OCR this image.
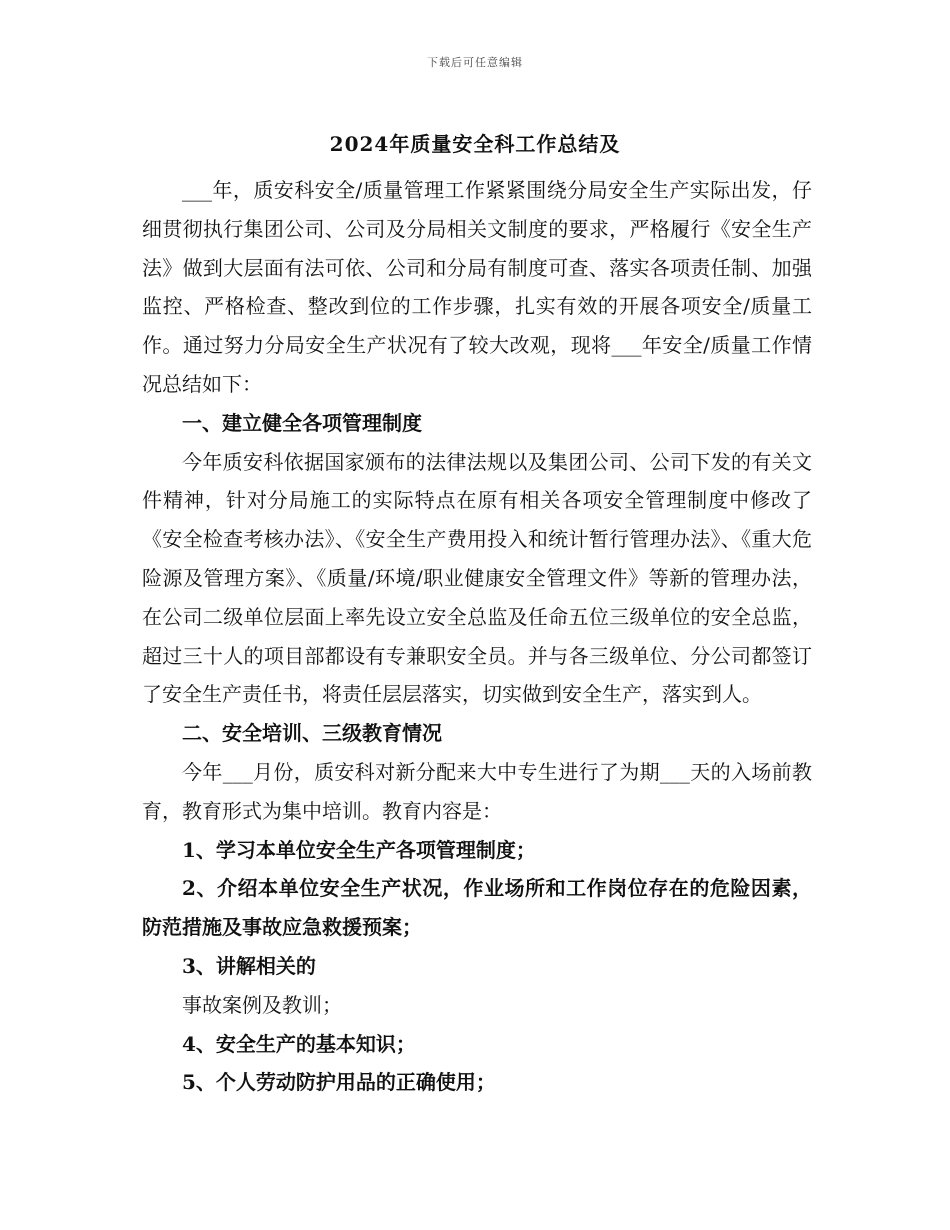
下载后可任意编辑
2024年质量安全科工作总结及

___年，质安科安全/质量管理工作紧紧围绕分局安全生产实际出发，仔细贯彻执行集团公司、公司及分局相关文制度的要求，严格履行《安全生产法》做到大层面有法可依、公司和分局有制度可查、落实各项责任制、加强监控、严格检查、整改到位的工作步骤，扎实有效的开展各项安全/质量工作。通过努力分局安全生产状况有了较大改观，现将___年安全/质量工作情况总结如下：

一、建立健全各项管理制度

今年质安科依据国家颁布的法律法规以及集团公司、公司下发的有关文件精神，针对分局施工的实际特点在原有相关各项安全管理制度中修改了《安全检查考核办法》、《安全生产费用投入和统计暂行管理办法》、《重大危险源及管理方案》、《质量/环境/职业健康安全管理文件》等新的管理办法，在公司二级单位层面上率先设立安全总监及任命五位三级单位的安全总监，超过三十人的项目部都设有专兼职安全员。并与各三级单位、分公司都签订了安全生产责任书，将责任层层落实，切实做到安全生产，落实到人。

二、安全培训、三级教育情况

今年___月份，质安科对新分配来大中专生进行了为期___天的入场前教育，教育形式为集中培训。教育内容是：

1、学习本单位安全生产各项管理制度；

2、介绍本单位安全生产状况，作业场所和工作岗位存在的危险因素，防范措施及事故应急救援预案；

3、讲解相关的

事故案例及教训；

4、安全生产的基本知识；

5、个人劳动防护用品的正确使用；
